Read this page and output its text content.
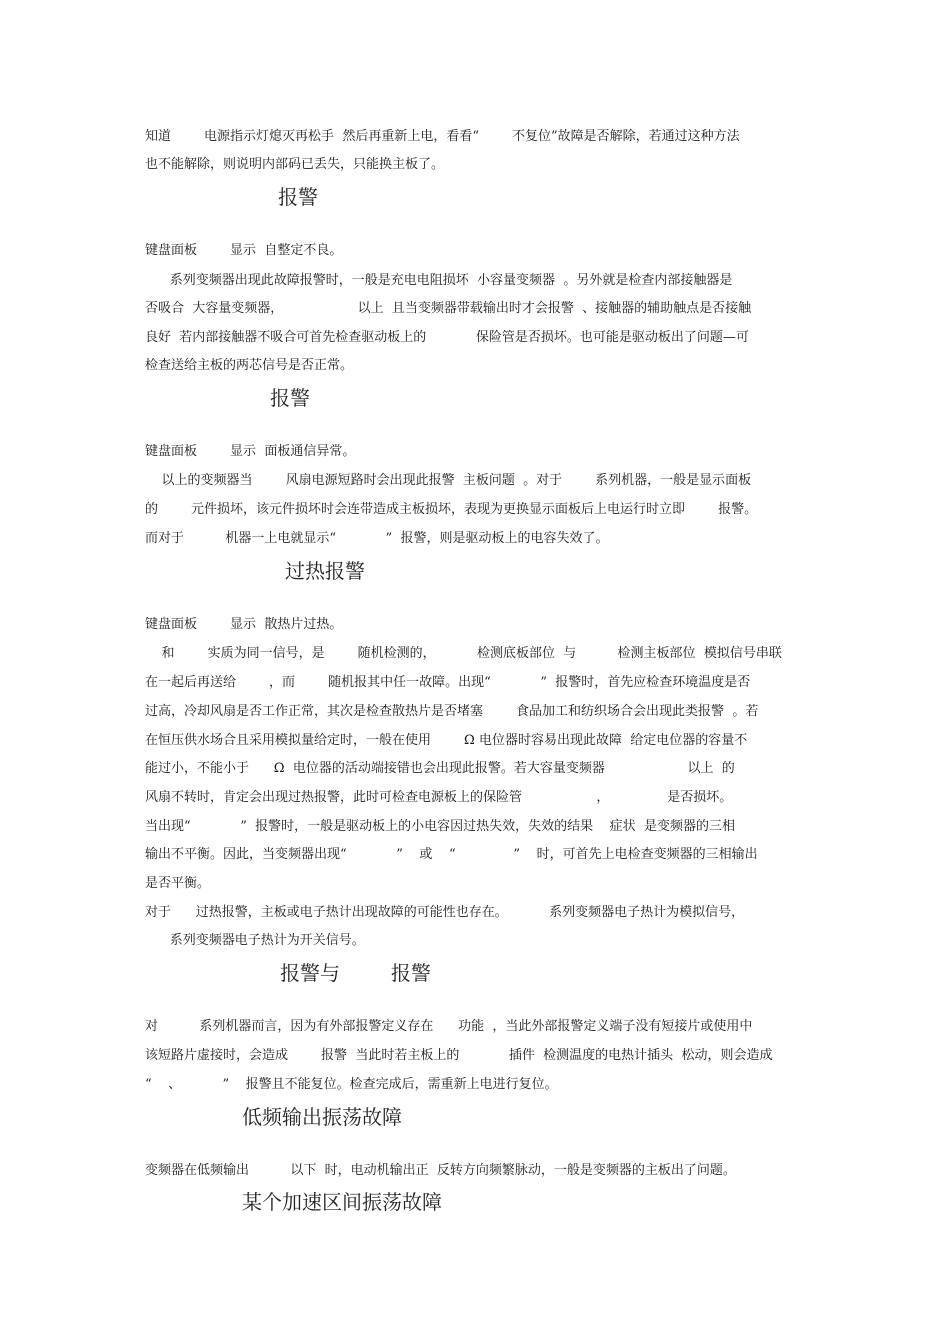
知道        电源指示灯熄灭再松手  然后再重新上电，看看“        不复位”故障是否解除，若通过这种方法
也不能解除，则说明内部码已丢失，只能换主板了。
报警
键盘面板        显示  自整定不良。
系列变频器出现此故障报警时，一般是充电电阻损坏  小容量变频器  。另外就是检查内部接触器是
否吸合  大容量变频器，                  以上  且当变频器带载输出时才会报警  、接触器的辅助触点是否接触
良好  若内部接触器不吸合可首先检查驱动板上的            保险管是否损坏。也可能是驱动板出了问题—可
检查送给主板的两芯信号是否正常。
报警
键盘面板        显示  面板通信异常。
以上的变频器当        风扇电源短路时会出现此报警  主板问题  。对于        系列机器，一般是显示面板
的        元件损坏，该元件损坏时会连带造成主板损坏，表现为更换显示面板后上电运行时立即        报警。
而对于          机器一上电就显示“            ”  报警，则是驱动板上的电容失效了。
过热报警
键盘面板        显示  散热片过热。
和        实质为同一信号，是        随机检测的，          检测底板部位  与          检测主板部位  模拟信号串联
在一起后再送给        ，而        随机报其中任一故障。出现“            ”  报警时，首先应检查环境温度是否
过高，冷却风扇是否工作正常，其次是检查散热片是否堵塞        食品加工和纺织场合会出现此类报警  。若
在恒压供水场合且采用模拟量给定时，一般在使用        Ω 电位器时容易出现此故障  给定电位器的容量不
能过小，不能小于      Ω  电位器的活动端接错也会出现此报警。若大容量变频器                    以上  的
风扇不转时，肯定会出现过热报警，此时可检查电源板上的保险管                  ，              是否损坏。
当出现“            ”  报警时，一般是驱动板上的小电容因过热失效，失效的结果    症状  是变频器的三相
输出不平衡。因此，当变频器出现“            ”    或    “              ”    时，可首先上电检查变频器的三相输出
是否平衡。
对于      过热报警，主板或电子热计出现故障的可能性也存在。          系列变频器电子热计为模拟信号，
系列变频器电子热计为开关信号。
报警与        报警
对          系列机器而言，因为有外部报警定义存在      功能  ，当此外部报警定义端子没有短接片或使用中
该短路片虚接时，会造成        报警  当此时若主板上的            插件  检测温度的电热计插头  松动，则会造成
“    、          ”    报警且不能复位。检查完成后，需重新上电进行复位。
低频输出振荡故障
变频器在低频输出          以下  时，电动机输出正  反转方向频繁脉动，一般是变频器的主板出了问题。
某个加速区间振荡故障
